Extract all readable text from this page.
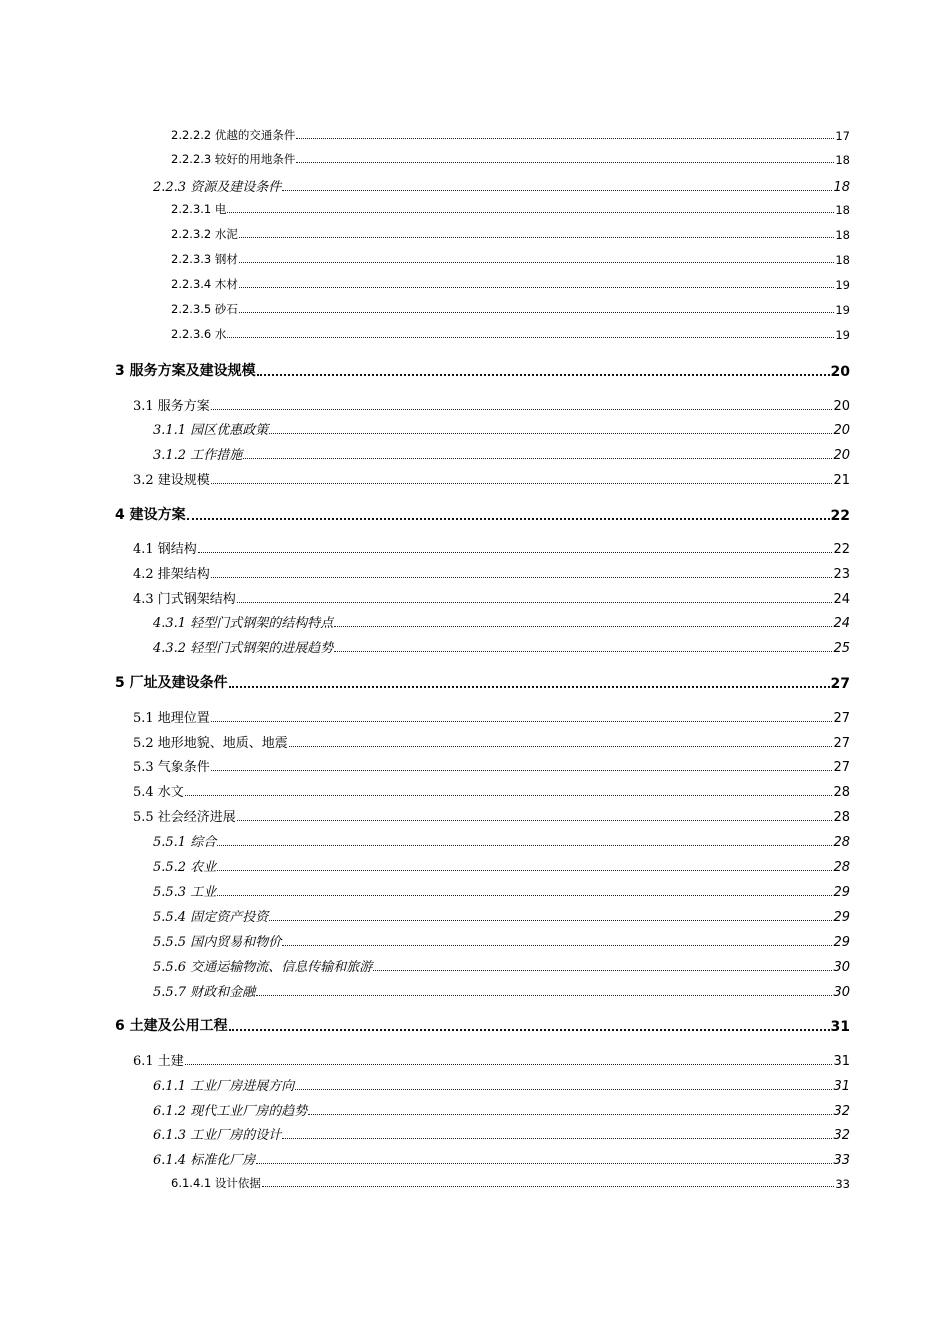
2.2.2.2 优越的交通条件	17
2.2.2.3 较好的用地条件	18
2.2.3 资源及建设条件	18
2.2.3.1 电	18
2.2.3.2 水泥	18
2.2.3.3 钢材	18
2.2.3.4 木材	19
2.2.3.5 砂石	19
2.2.3.6 水	19
3 服务方案及建设规模	20
3.1 服务方案	20
3.1.1 园区优惠政策	20
3.1.2 工作措施	20
3.2 建设规模	21
4 建设方案	22
4.1 钢结构	22
4.2 排架结构	23
4.3 门式钢架结构	24
4.3.1 轻型门式钢架的结构特点	24
4.3.2 轻型门式钢架的进展趋势	25
5 厂址及建设条件	27
5.1 地理位置	27
5.2 地形地貌、地质、地震	27
5.3 气象条件	27
5.4 水文	28
5.5 社会经济进展	28
5.5.1 综合	28
5.5.2 农业	28
5.5.3 工业	29
5.5.4 固定资产投资	29
5.5.5 国内贸易和物价	29
5.5.6 交通运输物流、信息传输和旅游	30
5.5.7 财政和金融	30
6 土建及公用工程	31
6.1 土建	31
6.1.1 工业厂房进展方向	31
6.1.2 现代工业厂房的趋势	32
6.1.3 工业厂房的设计	32
6.1.4 标准化厂房	33
6.1.4.1 设计依据	33
